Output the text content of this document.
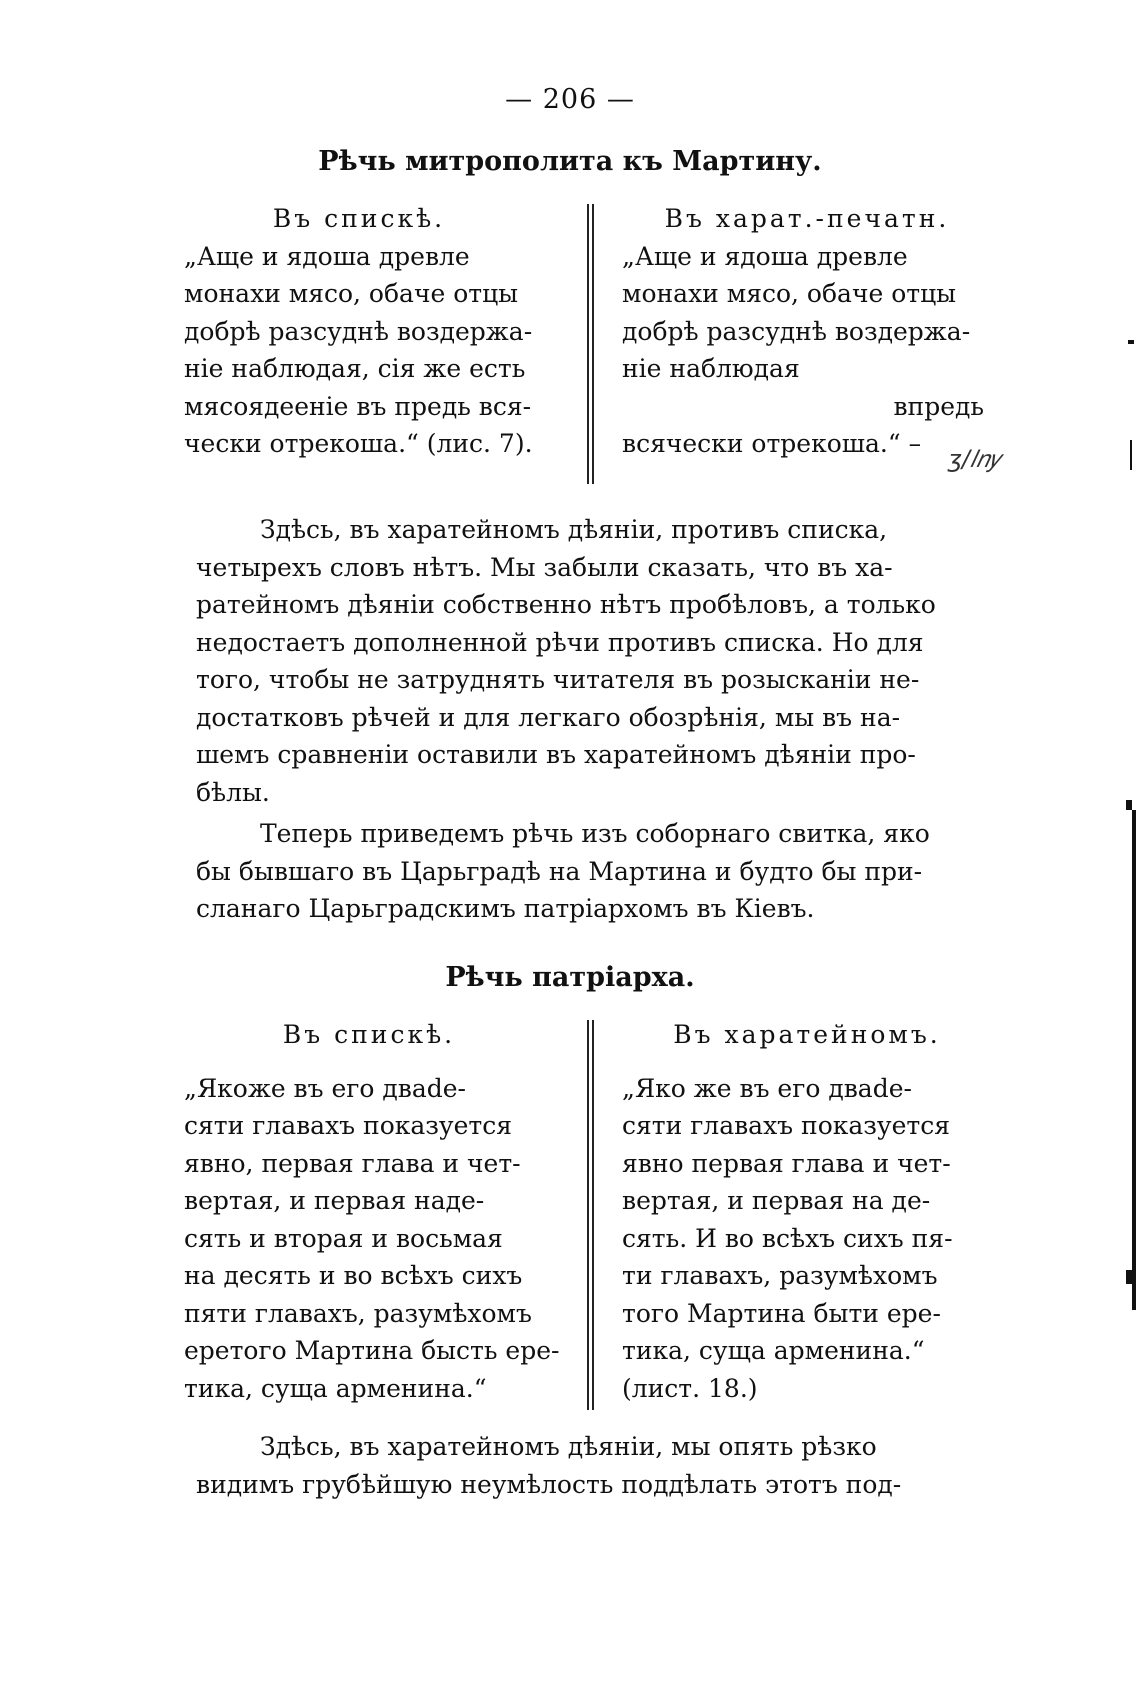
— 206 —
Рѣчь митрополита къ Мартину.
Въ спискѣ.

„Аще и ядоша древле

монахи мясо, обаче отцы

добрѣ разсуднѣ воздержа-

ніе наблюдая, сія же есть

мясоядееніе въ предь вся-

чески отрекоша.“ (лис. 7).

Въ харат.-печатн.

„Аще и ядоша древле

монахи мясо, обаче отцы

добрѣ разсуднѣ воздержа-

ніе наблюдая

впредь

всячески отрекоша.“ –

ʒ/𝑙𝑛𝑦

Здѣсь, въ харатейномъ дѣяніи, противъ списка,

четырехъ словъ нѣтъ. Мы забыли сказать, что въ ха-

ратейномъ дѣяніи собственно нѣтъ пробѣловъ, а только

недостаетъ дополненной рѣчи противъ списка. Но для

того, чтобы не затруднять читателя въ розысканіи не-

достатковъ рѣчей и для легкаго обозрѣнія, мы въ на-

шемъ сравненіи оставили въ харатейномъ дѣяніи про-

бѣлы.

Теперь приведемъ рѣчь изъ соборнаго свитка, яко

бы бывшаго въ Царьградѣ на Мартина и будто бы при-

сланаго Царьградскимъ патріархомъ въ Кіевъ.

Рѣчь патріарха.
Въ спискѣ.

„Якоже въ его двade-

сяти главахъ показуется

явно, первая глава и чет-

вертая, и первая наде-

сять и вторая и восьмая

на десять и во всѣхъ сихъ

пяти главахъ, разумѣхомъ

еретого Мартина бысть ере-

тика, суща арменина.“

Въ харатейномъ.

„Яко же въ его двade-

сяти главахъ показуется

явно первая глава и чет-

вертая, и первая на де-

сять. И во всѣхъ сихъ пя-

ти главахъ, разумѣхомъ

того Мартина быти ере-

тика, суща арменина.“

(лист. 18.)

Здѣсь, въ харатейномъ дѣяніи, мы опять рѣзко

видимъ грубѣйшую неумѣлость поддѣлать этотъ под-
